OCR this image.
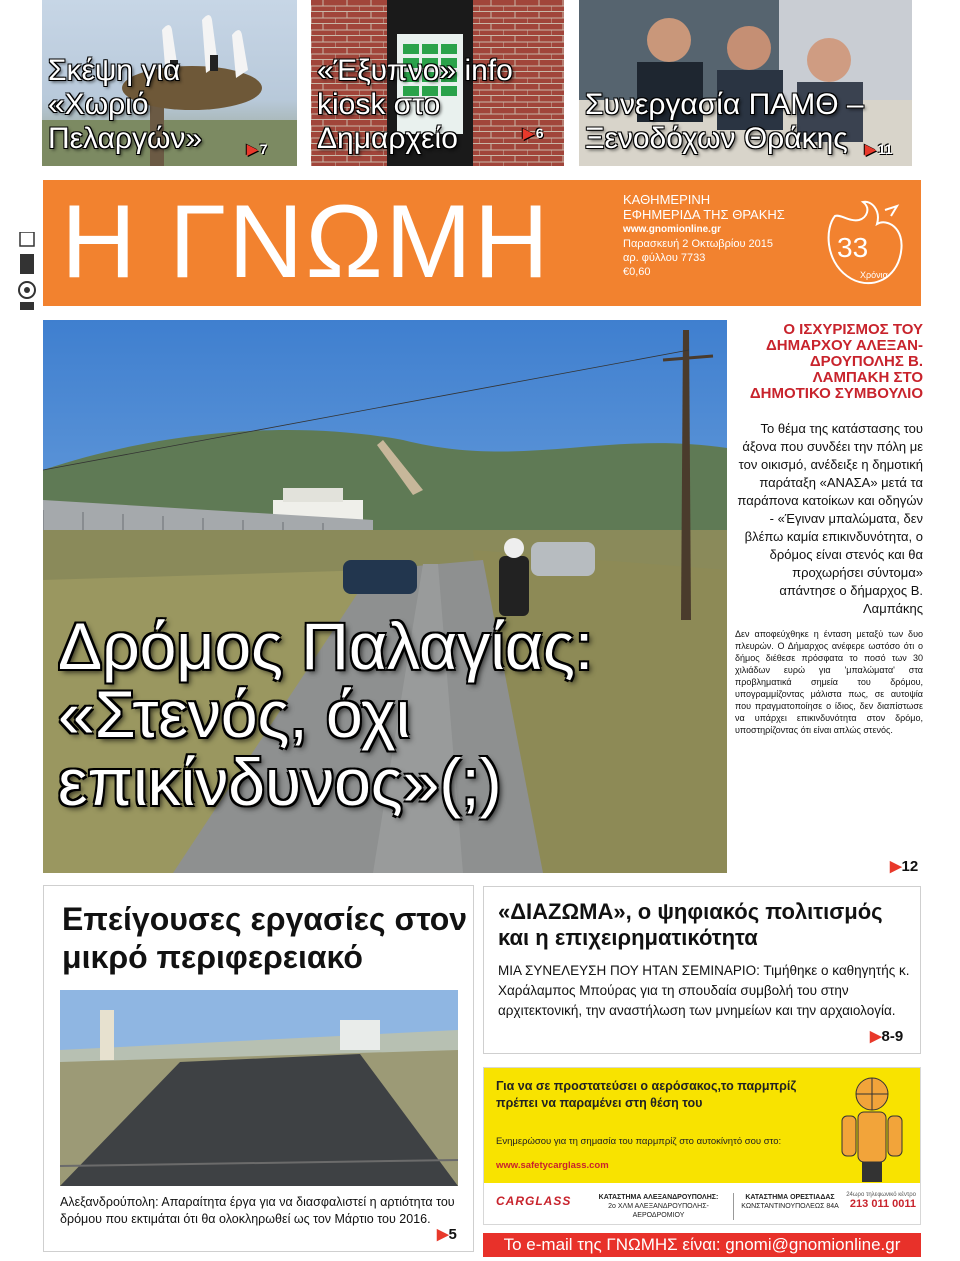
Σκέψη για «Χωριό Πελαργών»	▶ 7
«Έξυπνο» info kiosk στο Δημαρχείο	▶ 6
Συνεργασία ΠΑΜΘ – Ξενοδόχων Θράκης	▶ 11
Η ΓΝΩΜΗ	ΚΑΘΗΜΕΡΙΝΗ
ΕΦΗΜΕΡΙΔΑ ΤΗΣ ΘΡΑΚΗΣ
www.gnomionline.gr
Παρασκευή 2 Οκτωβρίου 2015
αρ. φύλλου 7733
€0,60
33
Χρόνια
Δρόμος Παλαγίας: «Στενός, όχι επικίνδυνος»(;)
Ο ΙΣΧΥΡΙΣΜΟΣ ΤΟΥ ΔΗΜΑΡΧΟΥ ΑΛΕΞΑΝ-ΔΡΟΥΠΟΛΗΣ Β. ΛΑΜΠΑΚΗ ΣΤΟ ΔΗΜΟΤΙΚΟ ΣΥΜΒΟΥΛΙΟ
Το θέμα της κατάστασης του άξονα που συνδέει την πόλη με τον οικισμό, ανέδειξε η δημοτική παράταξη «ΑΝΑΣΑ» μετά τα παράπονα κατοίκων και οδηγών - «Έγιναν μπαλώματα, δεν βλέπω καμία επικινδυνότητα, ο δρόμος είναι στενός και θα προχωρήσει σύντομα» απάντησε ο δήμαρχος Β. Λαμπάκης
Δεν αποφεύχθηκε η ένταση μεταξύ των δυο πλευρών. Ο Δήμαρχος ανέφερε ωστόσο ότι ο δήμος διέθεσε πρόσφατα το ποσό των 30 χιλιάδων ευρώ για 'μπαλώματα' στα προβληματικά σημεία του δρόμου, υπογραμμίζοντας μάλιστα πως, σε αυτοψία που πραγματοποίησε ο ίδιος, δεν διαπίστωσε να υπάρχει επικινδυνότητα στον δρόμο, υποστηρίζοντας ότι είναι απλώς στενός.
▶12
Επείγουσες εργασίες στον μικρό περιφερειακό
Αλεξανδρούπολη: Απαραίτητα έργα για να διασφαλιστεί η αρτιότητα του δρόμου που εκτιμάται ότι θα ολοκληρωθεί ως τον Μάρτιο του 2016.
▶5
«ΔΙΑΖΩΜΑ», ο ψηφιακός πολιτισμός και η επιχειρηματικότητα
ΜΙΑ ΣΥΝΕΛΕΥΣΗ ΠΟΥ ΗΤΑΝ ΣΕΜΙΝΑΡΙΟ: Τιμήθηκε ο καθηγητής κ. Χαράλαμπος Μπούρας για τη σπουδαία συμβολή του στην αρχιτεκτονική, την αναστήλωση των μνημείων και την αρχαιολογία.
▶8-9
Για να σε προστατεύσει ο αερόσακος,το παρμπρίζ πρέπει να παραμένει στη θέση του
Ενημερώσου για τη σημασία του παρμπρίζ στο αυτοκίνητό σου στο:
www.safetycarglass.com
CARGLASS	ΚΑΤΑΣΤΗΜΑ ΑΛΕΞΑΝΔΡΟΥΠΟΛΗΣ:
2ο ΧΛΜ ΑΛΕΞΑΝΔΡΟΥΠΟΛΗΣ-ΑΕΡΟΔΡΟΜΙΟΥ
ΚΑΤΑΣΤΗΜΑ ΟΡΕΣΤΙΑΔΑΣ
ΚΩΝΣΤΑΝΤΙΝΟΥΠΟΛΕΩΣ 84Α
24ωρο τηλεφωνικό κέντρο
213 011 0011
Το e-mail της ΓΝΩΜΗΣ είναι: gnomi@gnomionline.gr
